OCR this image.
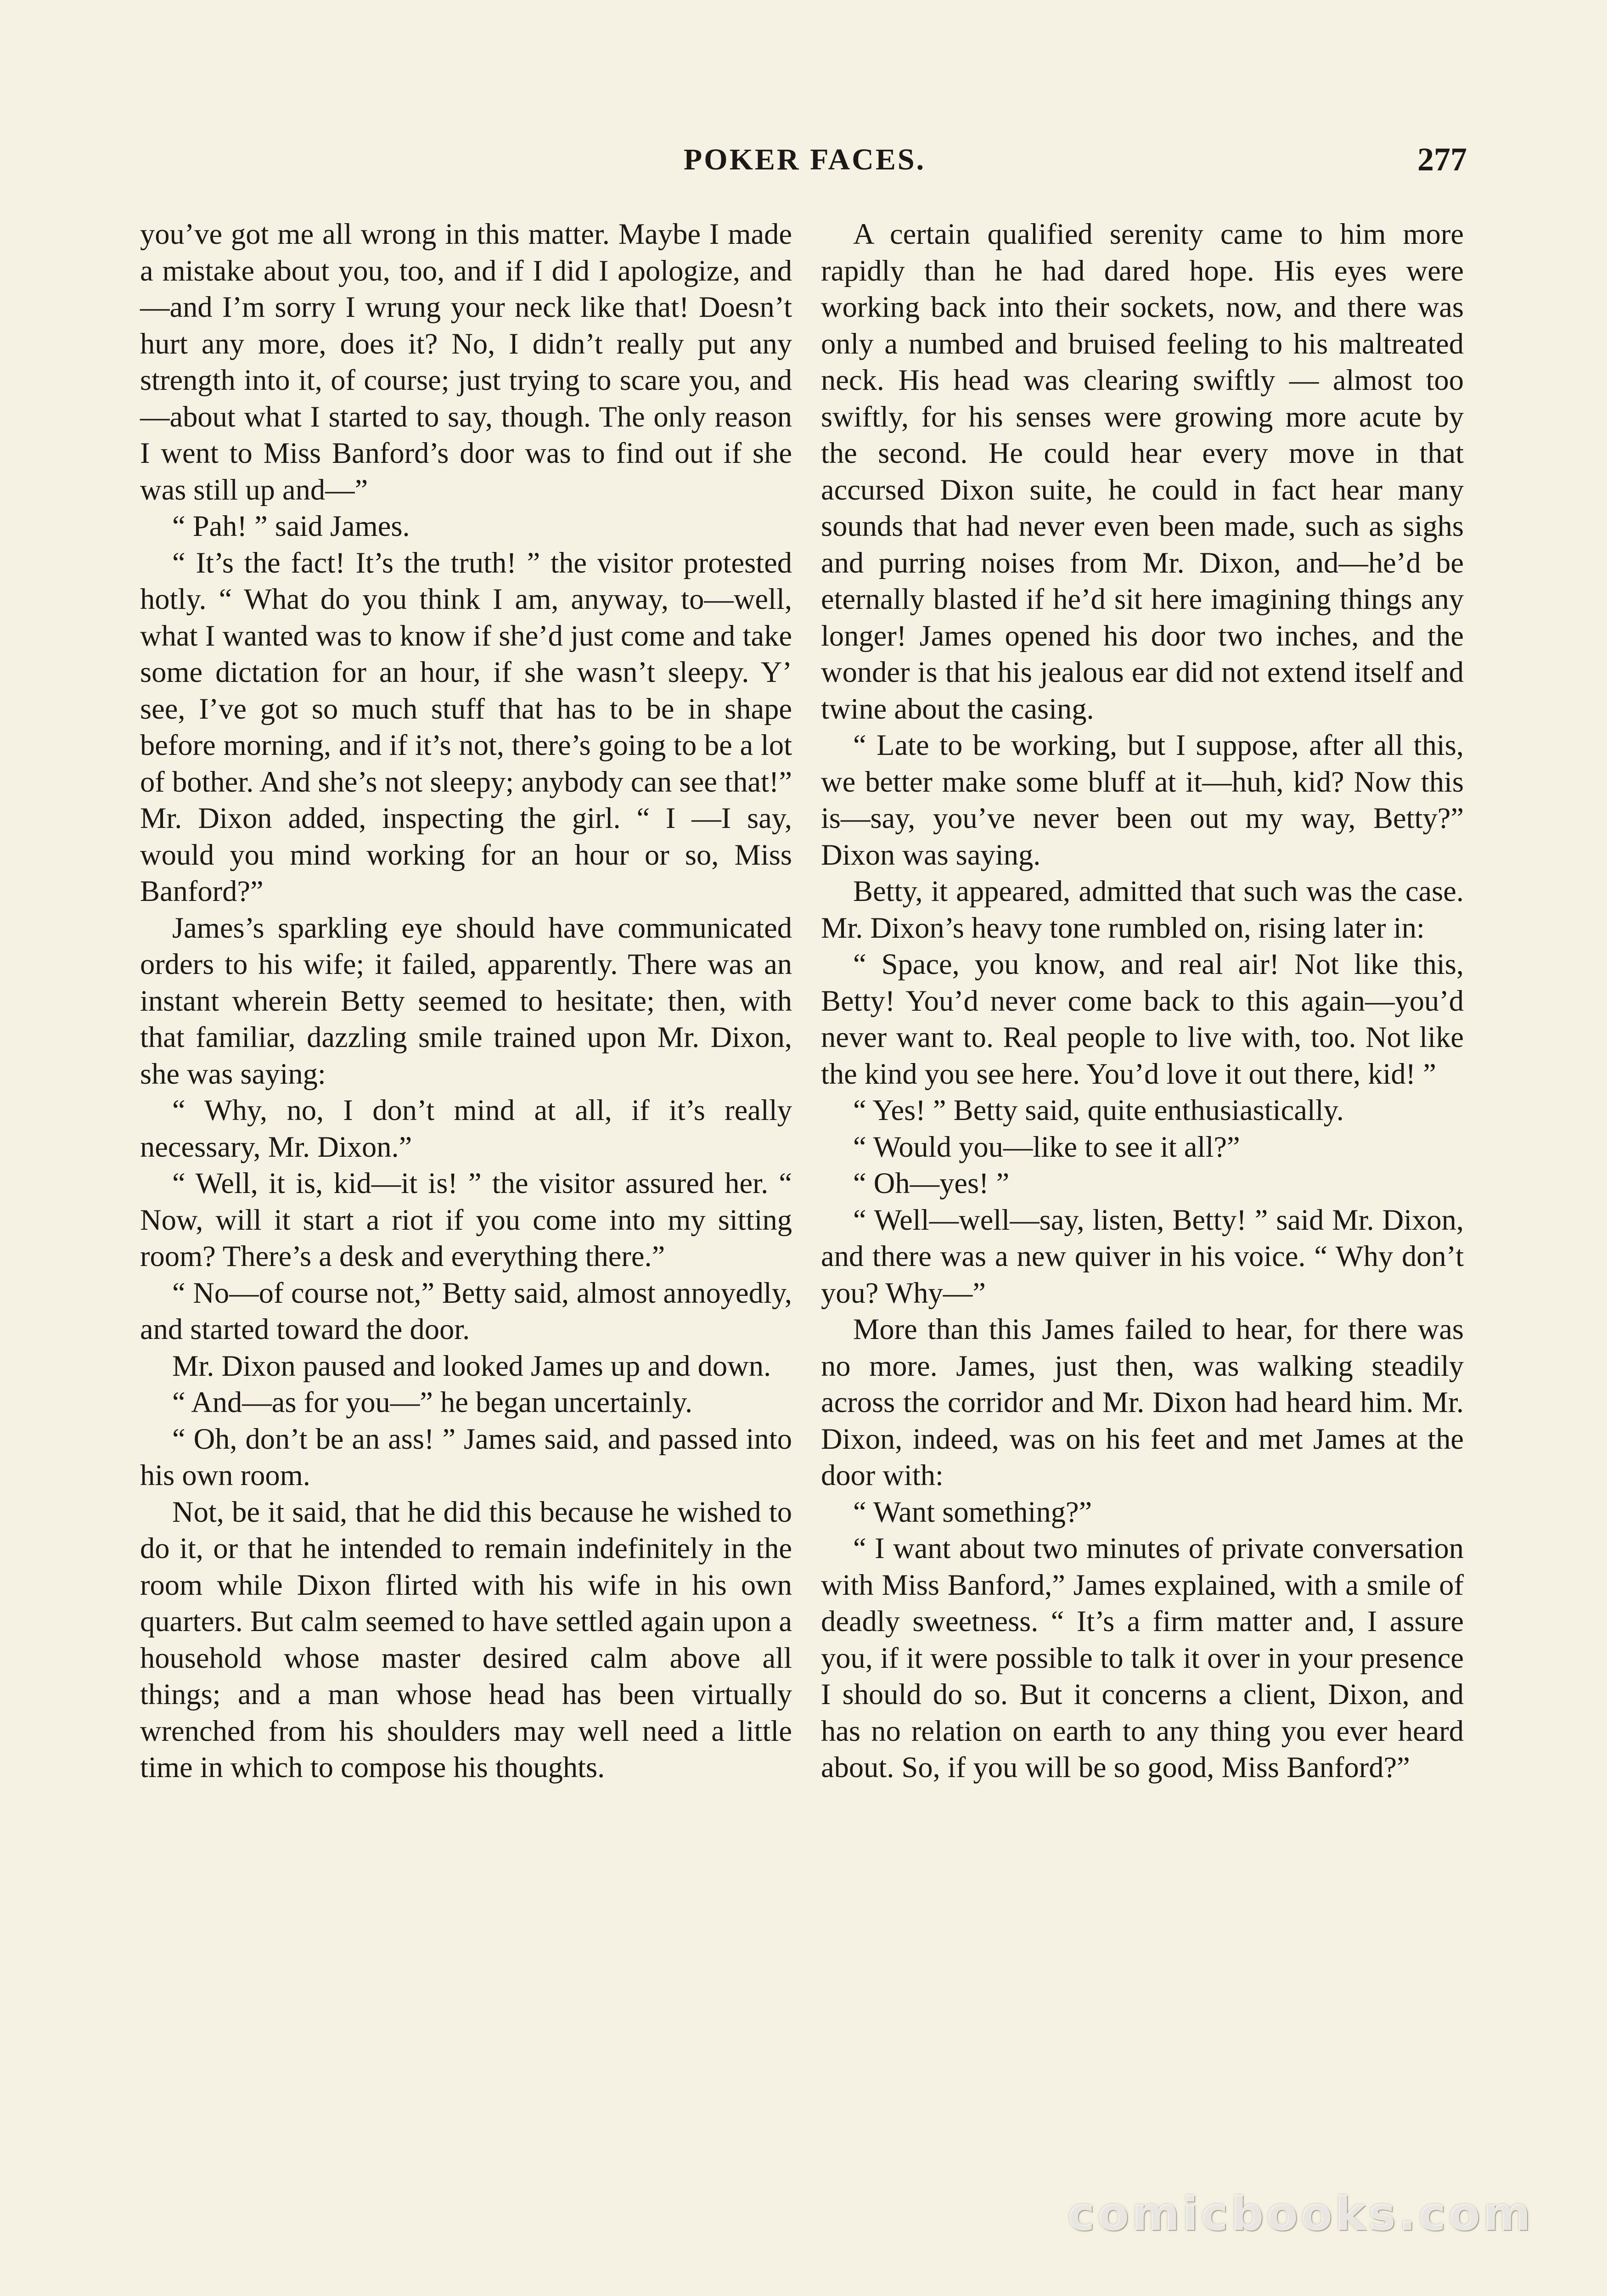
POKER FACES.	277

you’ve got me all wrong in this matter. Maybe I made a mistake about you, too, and if I did I apologize, and—and I’m sorry I wrung your neck like that! Doesn’t hurt any more, does it? No, I didn’t really put any strength into it, of course; just trying to scare you, and—about what I started to say, though. The only reason I went to Miss Banford’s door was to find out if she was still up and—”

“ Pah! ” said James.

“ It’s the fact! It’s the truth! ” the visitor protested hotly. “ What do you think I am, anyway, to—well, what I wanted was to know if she’d just come and take some dictation for an hour, if she wasn’t sleepy. Y’ see, I’ve got so much stuff that has to be in shape before morning, and if it’s not, there’s going to be a lot of bother. And she’s not sleepy; anybody can see that!” Mr. Dixon added, inspecting the girl. “ I —I say, would you mind working for an hour or so, Miss Banford?”

James’s sparkling eye should have communicated orders to his wife; it failed, apparently. There was an instant wherein Betty seemed to hesitate; then, with that familiar, dazzling smile trained upon Mr. Dixon, she was saying:

“ Why, no, I don’t mind at all, if it’s really necessary, Mr. Dixon.”

“ Well, it is, kid—it is! ” the visitor assured her. “ Now, will it start a riot if you come into my sitting room? There’s a desk and everything there.”

“ No—of course not,” Betty said, almost annoyedly, and started toward the door.

Mr. Dixon paused and looked James up and down.

“ And—as for you—” he began uncertainly.

“ Oh, don’t be an ass! ” James said, and passed into his own room.

Not, be it said, that he did this because he wished to do it, or that he intended to remain indefinitely in the room while Dixon flirted with his wife in his own quarters. But calm seemed to have settled again upon a household whose master desired calm above all things; and a man whose head has been virtually wrenched from his shoulders may well need a little time in which to compose his thoughts.

A certain qualified serenity came to him more rapidly than he had dared hope. His eyes were working back into their sockets, now, and there was only a numbed and bruised feeling to his maltreated neck. His head was clearing swiftly — almost too swiftly, for his senses were growing more acute by the second. He could hear every move in that accursed Dixon suite, he could in fact hear many sounds that had never even been made, such as sighs and purring noises from Mr. Dixon, and—he’d be eternally blasted if he’d sit here imagining things any longer! James opened his door two inches, and the wonder is that his jealous ear did not extend itself and twine about the casing.

“ Late to be working, but I suppose, after all this, we better make some bluff at it—huh, kid? Now this is—say, you’ve never been out my way, Betty?” Dixon was saying.

Betty, it appeared, admitted that such was the case. Mr. Dixon’s heavy tone rumbled on, rising later in:

“ Space, you know, and real air! Not like this, Betty! You’d never come back to this again—you’d never want to. Real people to live with, too. Not like the kind you see here. You’d love it out there, kid! ”

“ Yes! ” Betty said, quite enthusiastically.

“ Would you—like to see it all?”

“ Oh—yes! ”

“ Well—well—say, listen, Betty! ” said Mr. Dixon, and there was a new quiver in his voice. “ Why don’t you? Why—”

More than this James failed to hear, for there was no more. James, just then, was walking steadily across the corridor and Mr. Dixon had heard him. Mr. Dixon, indeed, was on his feet and met James at the door with:

“ Want something?”

“ I want about two minutes of private conversation with Miss Banford,” James explained, with a smile of deadly sweetness. “ It’s a firm matter and, I assure you, if it were possible to talk it over in your presence I should do so. But it concerns a client, Dixon, and has no relation on earth to any thing you ever heard about. So, if you will be so good, Miss Banford?”

comicbooks.com
